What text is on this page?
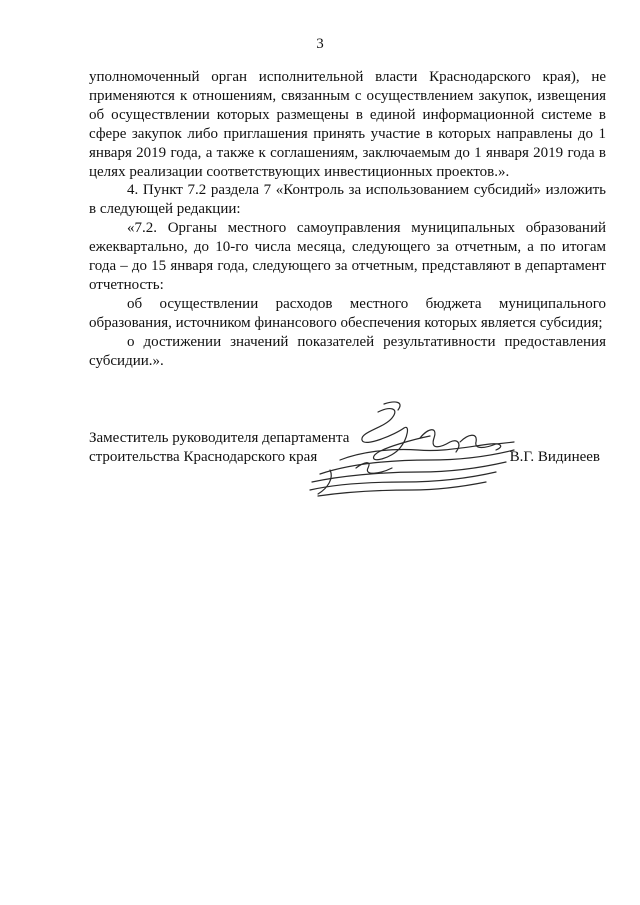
3

уполномоченный орган исполнительной власти Краснодарского края), не применяются к отношениям, связанным с осуществлением закупок, извещения об осуществлении которых размещены в единой информационной системе в сфере закупок либо приглашения принять участие в которых направлены до 1 января 2019 года, а также к соглашениям, заключаемым до 1 января 2019 года в целях реализации соответствующих инвестиционных проектов.».

4. Пункт 7.2 раздела 7 «Контроль за использованием субсидий» изложить в следующей редакции:

«7.2. Органы местного самоуправления муниципальных образований ежеквартально, до 10-го числа месяца, следующего за отчетным, а по итогам года – до 15 января года, следующего за отчетным, представляют в департамент отчетность:

об осуществлении расходов местного бюджета муниципального образования, источником финансового обеспечения которых является субсидия;

о достижении значений показателей результативности предоставления субсидии.».

Заместитель руководителя департамента

строительства Краснодарского края	В.Г. Видинеев
